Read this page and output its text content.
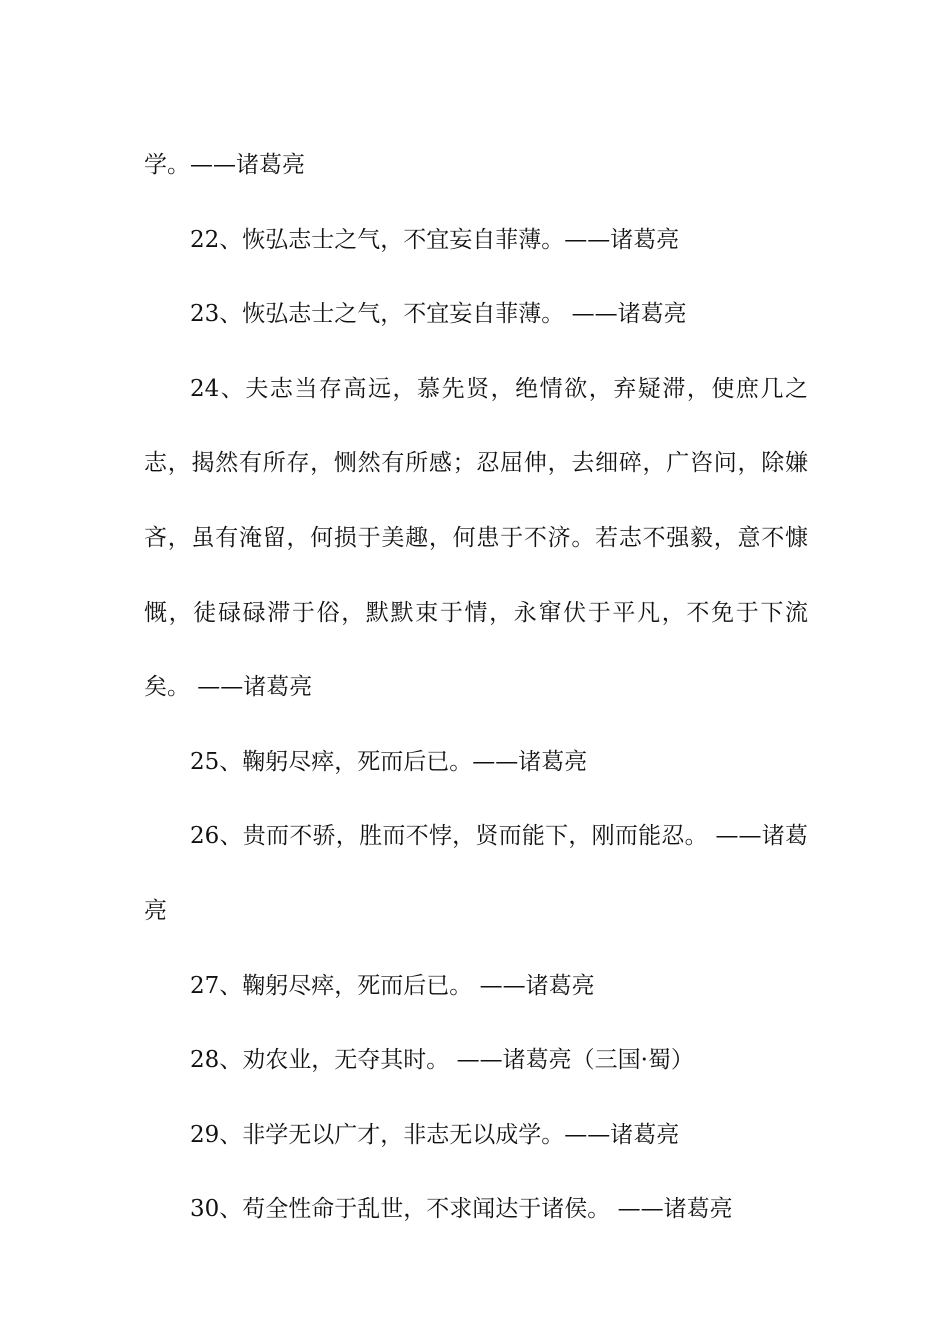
学。——诸葛亮

22、恢弘志士之气，不宜妄自菲薄。——诸葛亮

23、恢弘志士之气，不宜妄自菲薄。 ——诸葛亮

24、夫志当存高远，慕先贤，绝情欲，弃疑滞，使庶几之志，揭然有所存，恻然有所感；忍屈伸，去细碎，广咨问，除嫌吝，虽有淹留，何损于美趣，何患于不济。若志不强毅，意不慷慨，徒碌碌滞于俗，默默束于情，永窜伏于平凡，不免于下流矣。 ——诸葛亮

25、鞠躬尽瘁，死而后已。——诸葛亮

26、贵而不骄，胜而不悖，贤而能下，刚而能忍。 ——诸葛亮

27、鞠躬尽瘁，死而后已。 ——诸葛亮

28、劝农业，无夺其时。 ——诸葛亮（三国·蜀）

29、非学无以广才，非志无以成学。——诸葛亮

30、苟全性命于乱世，不求闻达于诸侯。 ——诸葛亮
